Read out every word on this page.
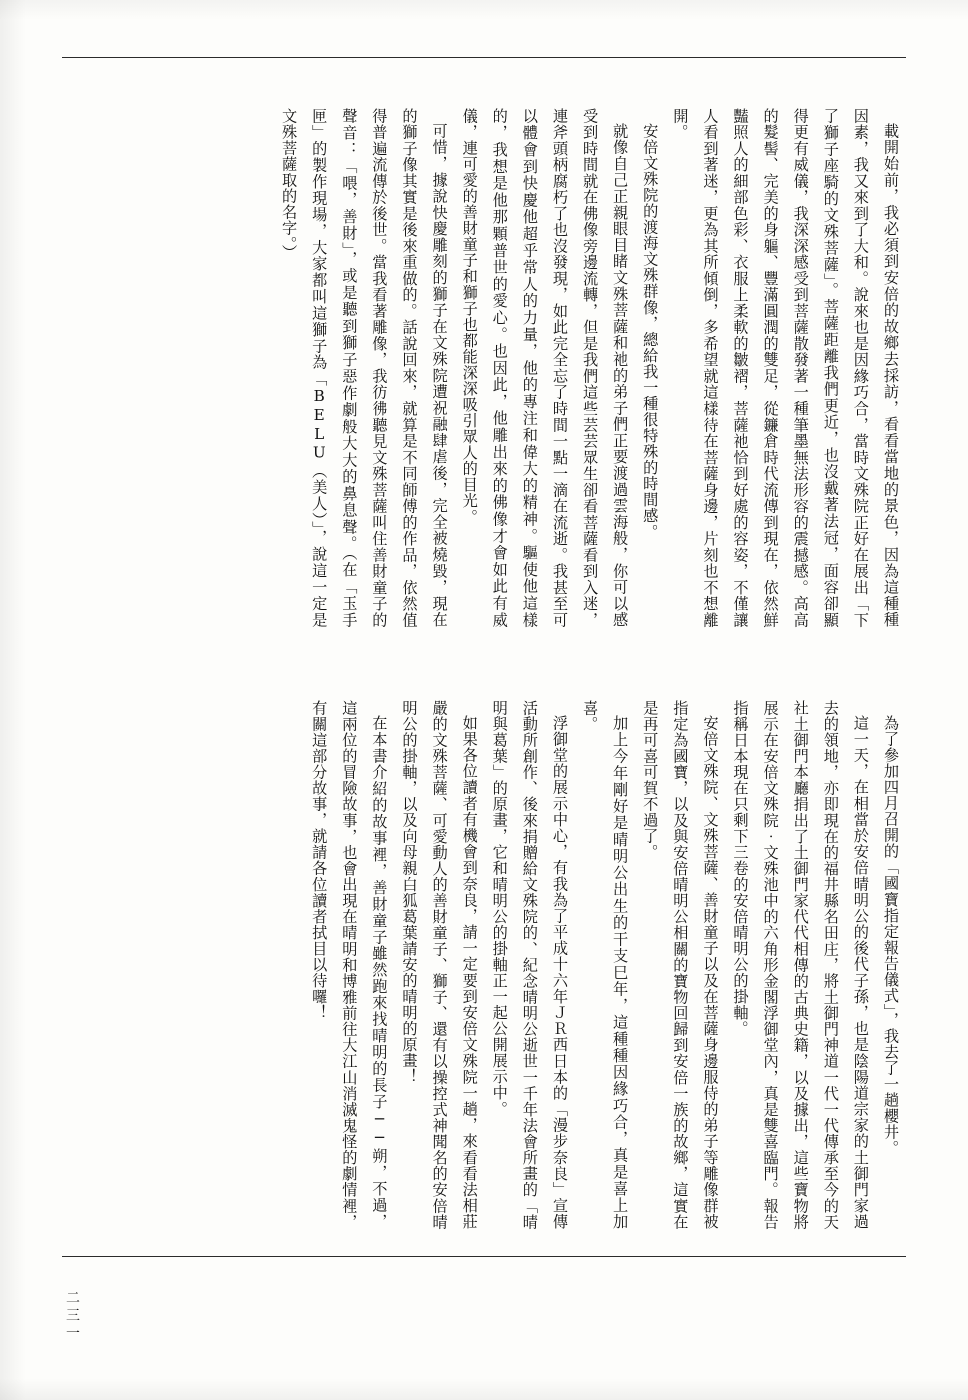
載開始前，我必須到安倍的故鄉去採訪，看看當地的景色，因為這種種因素，我又來到了大和。說來也是因緣巧合，當時文殊院正好在展出「下了獅子座騎的文殊菩薩」。菩薩距離我們更近，也沒戴著法冠，面容卻顯得更有威儀，我深深感受到菩薩散發著一種筆墨無法形容的震撼感。高高的髮髻、完美的身軀、豐滿圓潤的雙足，從鐮倉時代流傳到現在，依然鮮豔照人的細部色彩、衣服上柔軟的皺褶，菩薩祂恰到好處的容姿，不僅讓人看到著迷，更為其所傾倒，多希望就這樣待在菩薩身邊，片刻也不想離開。

安倍文殊院的渡海文殊群像，總給我一種很特殊的時間感。

就像自己正親眼目睹文殊菩薩和祂的弟子們正要渡過雲海般，你可以感受到時間就在佛像旁邊流轉，但是我們這些芸芸眾生卻看菩薩看到入迷，連斧頭柄腐朽了也沒發現，如此完全忘了時間一點一滴在流逝。我甚至可以體會到快慶他超乎常人的力量，他的專注和偉大的精神。驅使他這樣的，我想是他那顆普世的愛心。也因此，他雕出來的佛像才會如此有威儀，連可愛的善財童子和獅子也都能深深吸引眾人的目光。

可惜，據說快慶雕刻的獅子在文殊院遭祝融肆虐後，完全被燒毀，現在的獅子像其實是後來重做的。話說回來，就算是不同師傅的作品，依然值得普遍流傳於後世。當我看著雕像，我彷彿聽見文殊菩薩叫住善財童子的聲音：「喂，善財」，或是聽到獅子惡作劇般大大的鼻息聲。（在「玉手匣」的製作現場，大家都叫這獅子為「BELU（美人）」，說這一定是文殊菩薩取的名字。）

為了參加四月召開的「國寶指定報告儀式」，我去了一趟櫻井。

這一天，在相當於安倍晴明公的後代子孫，也是陰陽道宗家的土御門家過去的領地，亦即現在的福井縣名田庄，將土御門神道一代一代傳承至今的天社土御門本廳捐出了土御門家代代相傳的古典史籍，以及據出，這些寶物將展示在安倍文殊院‧文殊池中的六角形金閣浮御堂內，真是雙喜臨門。報告指稱日本現在只剩下三卷的安倍晴明公的掛軸。

安倍文殊院、文殊菩薩、善財童子以及在菩薩身邊服侍的弟子等雕像群被指定為國寶，以及與安倍晴明公相關的寶物回歸到安倍一族的故鄉，這實在是再可喜可賀不過了。

加上今年剛好是晴明公出生的干支巳年，這種種因緣巧合，真是喜上加喜。

浮御堂的展示中心，有我為了平成十六年ＪＲ西日本的「漫步奈良」宣傳活動所創作、後來捐贈給文殊院的、紀念晴明公逝世一千年法會所畫的「晴明與葛葉」的原畫，它和晴明公的掛軸正一起公開展示中。

如果各位讀者有機會到奈良，請一定要到安倍文殊院一趟，來看看法相莊嚴的文殊菩薩、可愛動人的善財童子、獅子、還有以操控式神聞名的安倍晴明公的掛軸，以及向母親白狐葛葉請安的晴明的原畫！

在本書介紹的故事裡，善財童子雖然跑來找晴明的長子──朔，不過，這兩位的冒險故事，也會出現在晴明和博雅前往大江山消滅鬼怪的劇情裡，有關這部分故事，就請各位讀者拭目以待囉！

二三一
